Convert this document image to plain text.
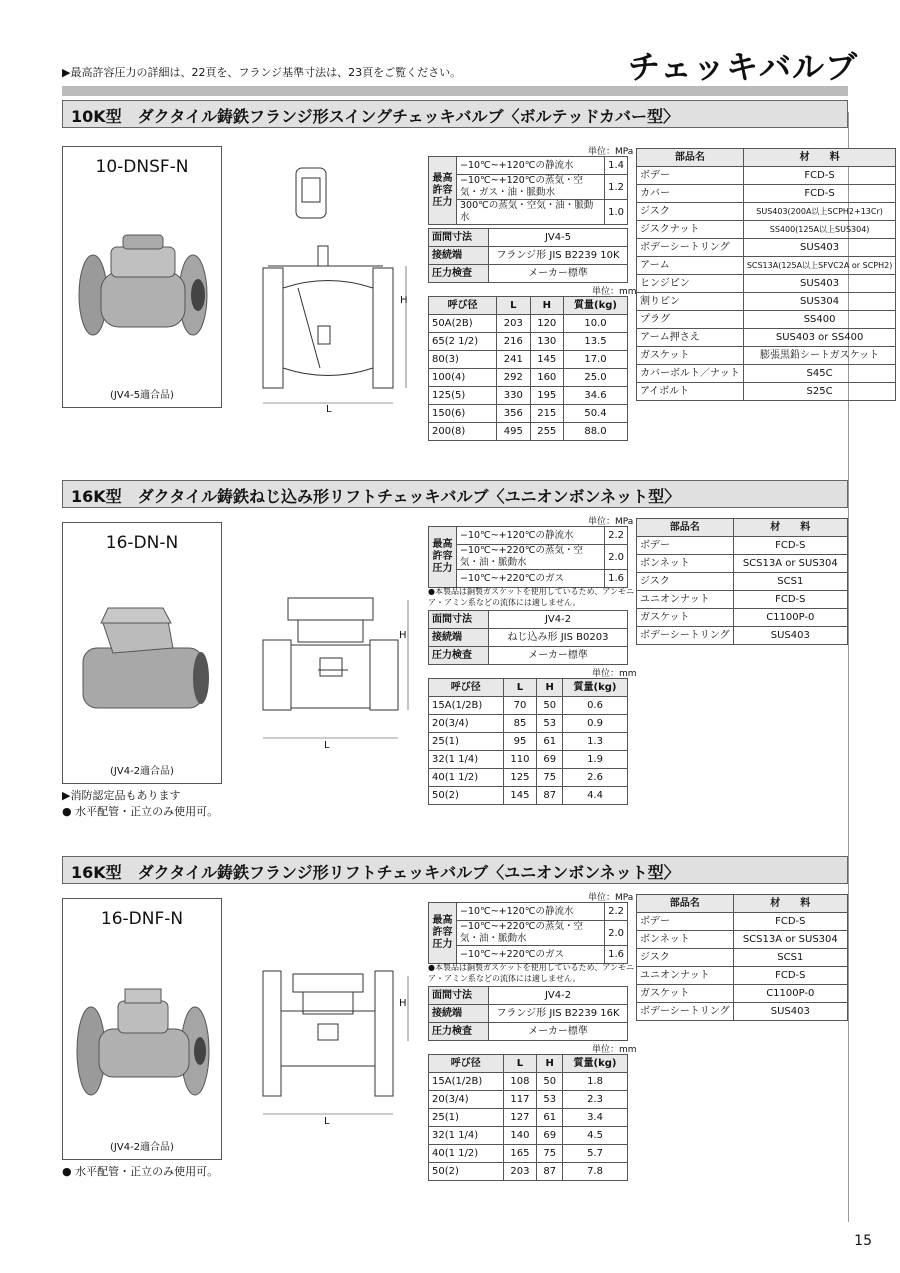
▶最高許容圧力の詳細は、22頁を、フランジ基準寸法は、23頁をご覧ください。	チェッキバルブ
10K型　ダクタイル鋳鉄フランジ形スイングチェッキバルブ〈ボルテッドカバー型〉
10-DNSF-N
(JV4-5適合品)
H
L
単位：MPa
最高
許容
圧力	−10℃~+120℃の静流水	1.4
	−10℃~+120℃の蒸気・空気・ガス・油・脈動水	1.2
	300℃の蒸気・空気・油・脈動水	1.0
面間寸法	JV4-5
接続端	フランジ形 JIS B2239 10K
圧力検査	メーカー標準
単位：mm
呼び径	L	H	質量(kg)
50A(2B)	203	120	10.0
65(2 1/2)	216	130	13.5
80(3)	241	145	17.0
100(4)	292	160	25.0
125(5)	330	195	34.6
150(6)	356	215	50.4
200(8)	495	255	88.0
部品名	材　　料
ボデー	FCD-S
カバー	FCD-S
ジスク	SUS403(200A以上SCPH2+13Cr)
ジスクナット	SS400(125A以上SUS304)
ボデーシートリング	SUS403
アーム	SCS13A(125A以上SFVC2A or SCPH2)
ヒンジピン	SUS403
割りピン	SUS304
プラグ	SS400
アーム押さえ	SUS403 or SS400
ガスケット	膨張黒鉛シートガスケット
カバーボルト／ナット	S45C
アイボルト	S25C
16K型　ダクタイル鋳鉄ねじ込み形リフトチェッキバルブ〈ユニオンボンネット型〉
16-DN-N
(JV4-2適合品)
H
L
単位：MPa
最高
許容
圧力	−10℃~+120℃の静流水	2.2
	−10℃~+220℃の蒸気・空気・油・脈動水	2.0
	−10℃~+220℃のガス	1.6
●本製品は銅製ガスケットを使用しているため、アンモニア・アミン系などの流体には適しません。
面間寸法	JV4-2
接続端	ねじ込み形 JIS B0203
圧力検査	メーカー標準
単位：mm
呼び径	L	H	質量(kg)
15A(1/2B)	70	50	0.6
20(3/4)	85	53	0.9
25(1)	95	61	1.3
32(1 1/4)	110	69	1.9
40(1 1/2)	125	75	2.6
50(2)	145	87	4.4
部品名	材　　料
ボデー	FCD-S
ボンネット	SCS13A or SUS304
ジスク	SCS1
ユニオンナット	FCD-S
ガスケット	C1100P-0
ボデーシートリング	SUS403
▶消防認定品もあります
● 水平配管・正立のみ使用可。
16K型　ダクタイル鋳鉄フランジ形リフトチェッキバルブ〈ユニオンボンネット型〉
16-DNF-N
(JV4-2適合品)
H
L
単位：MPa
最高
許容
圧力	−10℃~+120℃の静流水	2.2
	−10℃~+220℃の蒸気・空気・油・脈動水	2.0
	−10℃~+220℃のガス	1.6
●本製品は銅製ガスケットを使用しているため、アンモニア・アミン系などの流体には適しません。
面間寸法	JV4-2
接続端	フランジ形 JIS B2239 16K
圧力検査	メーカー標準
単位：mm
呼び径	L	H	質量(kg)
15A(1/2B)	108	50	1.8
20(3/4)	117	53	2.3
25(1)	127	61	3.4
32(1 1/4)	140	69	4.5
40(1 1/2)	165	75	5.7
50(2)	203	87	7.8
部品名	材　　料
ボデー	FCD-S
ボンネット	SCS13A or SUS304
ジスク	SCS1
ユニオンナット	FCD-S
ガスケット	C1100P-0
ボデーシートリング	SUS403
● 水平配管・正立のみ使用可。
15
